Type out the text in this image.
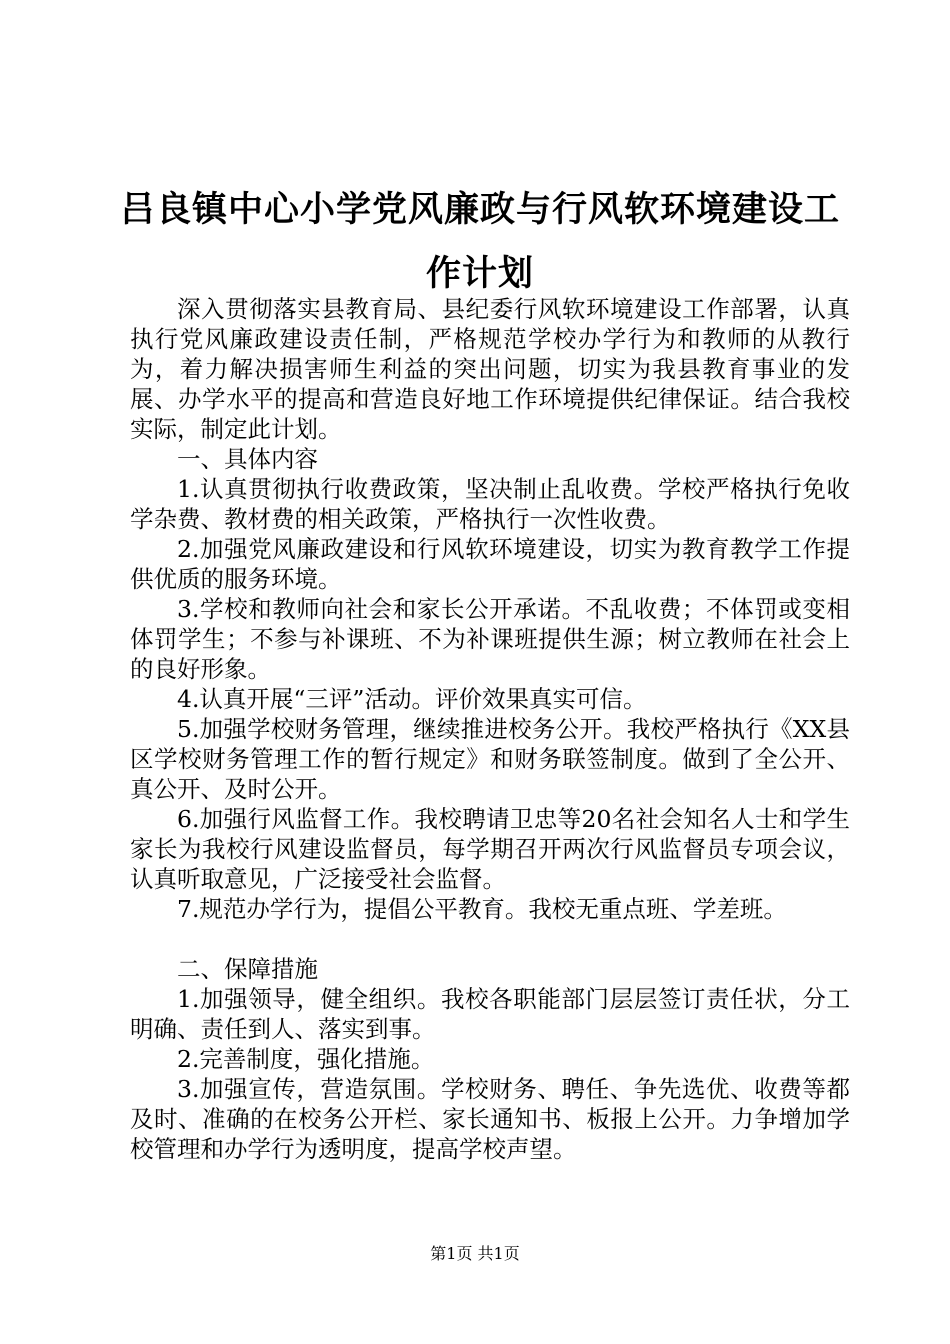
吕良镇中心小学党风廉政与行风软环境建设工作计划

深入贯彻落实县教育局、县纪委行风软环境建设工作部署，认真执行党风廉政建设责任制，严格规范学校办学行为和教师的从教行为，着力解决损害师生利益的突出问题，切实为我县教育事业的发展、办学水平的提高和营造良好地工作环境提供纪律保证。结合我校实际，制定此计划。

一、具体内容

1.认真贯彻执行收费政策，坚决制止乱收费。学校严格执行免收学杂费、教材费的相关政策，严格执行一次性收费。

2.加强党风廉政建设和行风软环境建设，切实为教育教学工作提供优质的服务环境。

3.学校和教师向社会和家长公开承诺。不乱收费；不体罚或变相体罚学生；不参与补课班、不为补课班提供生源；树立教师在社会上的良好形象。

4.认真开展“三评”活动。评价效果真实可信。

5.加强学校财务管理，继续推进校务公开。我校严格执行《XX县区学校财务管理工作的暂行规定》和财务联签制度。做到了全公开、真公开、及时公开。

6.加强行风监督工作。我校聘请卫忠等20名社会知名人士和学生家长为我校行风建设监督员，每学期召开两次行风监督员专项会议，认真听取意见，广泛接受社会监督。

7.规范办学行为，提倡公平教育。我校无重点班、学差班。

二、保障措施

1.加强领导，健全组织。我校各职能部门层层签订责任状，分工明确、责任到人、落实到事。

2.完善制度，强化措施。

3.加强宣传，营造氛围。学校财务、聘任、争先选优、收费等都及时、准确的在校务公开栏、家长通知书、板报上公开。力争增加学校管理和办学行为透明度，提高学校声望。

第1页 共1页
